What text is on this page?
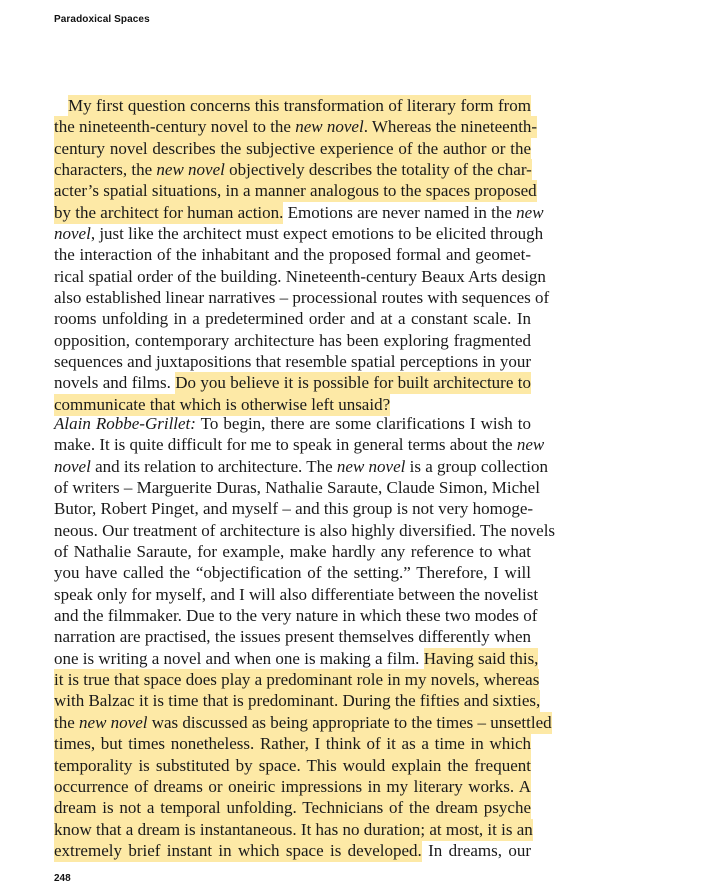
Paradoxical Spaces
My first question concerns this transformation of literary form from
the nineteenth-century novel to the new novel. Whereas the nineteenth-
century novel describes the subjective experience of the author or the
characters, the new novel objectively describes the totality of the char-
acter’s spatial situations, in a manner analogous to the spaces proposed
by the architect for human action. Emotions are never named in the new
novel, just like the architect must expect emotions to be elicited through
the interaction of the inhabitant and the proposed formal and geomet-
rical spatial order of the building. Nineteenth-century Beaux Arts design
also established linear narratives – processional routes with sequences of
rooms unfolding in a predetermined order and at a constant scale. In
opposition, contemporary architecture has been exploring fragmented
sequences and juxtapositions that resemble spatial perceptions in your
novels and films. Do you believe it is possible for built architecture to
communicate that which is otherwise left unsaid?
Alain Robbe-Grillet: To begin, there are some clarifications I wish to
make. It is quite difficult for me to speak in general terms about the new
novel and its relation to architecture. The new novel is a group collection
of writers – Marguerite Duras, Nathalie Saraute, Claude Simon, Michel
Butor, Robert Pinget, and myself – and this group is not very homoge-
neous. Our treatment of architecture is also highly diversified. The novels
of Nathalie Saraute, for example, make hardly any reference to what
you have called the “objectification of the setting.” Therefore, I will
speak only for myself, and I will also differentiate between the novelist
and the filmmaker. Due to the very nature in which these two modes of
narration are practised, the issues present themselves differently when
one is writing a novel and when one is making a film. Having said this,
it is true that space does play a predominant role in my novels, whereas
with Balzac it is time that is predominant. During the fifties and sixties,
the new novel was discussed as being appropriate to the times – unsettled
times, but times nonetheless. Rather, I think of it as a time in which
temporality is substituted by space. This would explain the frequent
occurrence of dreams or oneiric impressions in my literary works. A
dream is not a temporal unfolding. Technicians of the dream psyche
know that a dream is instantaneous. It has no duration; at most, it is an
extremely brief instant in which space is developed. In dreams, our
248
